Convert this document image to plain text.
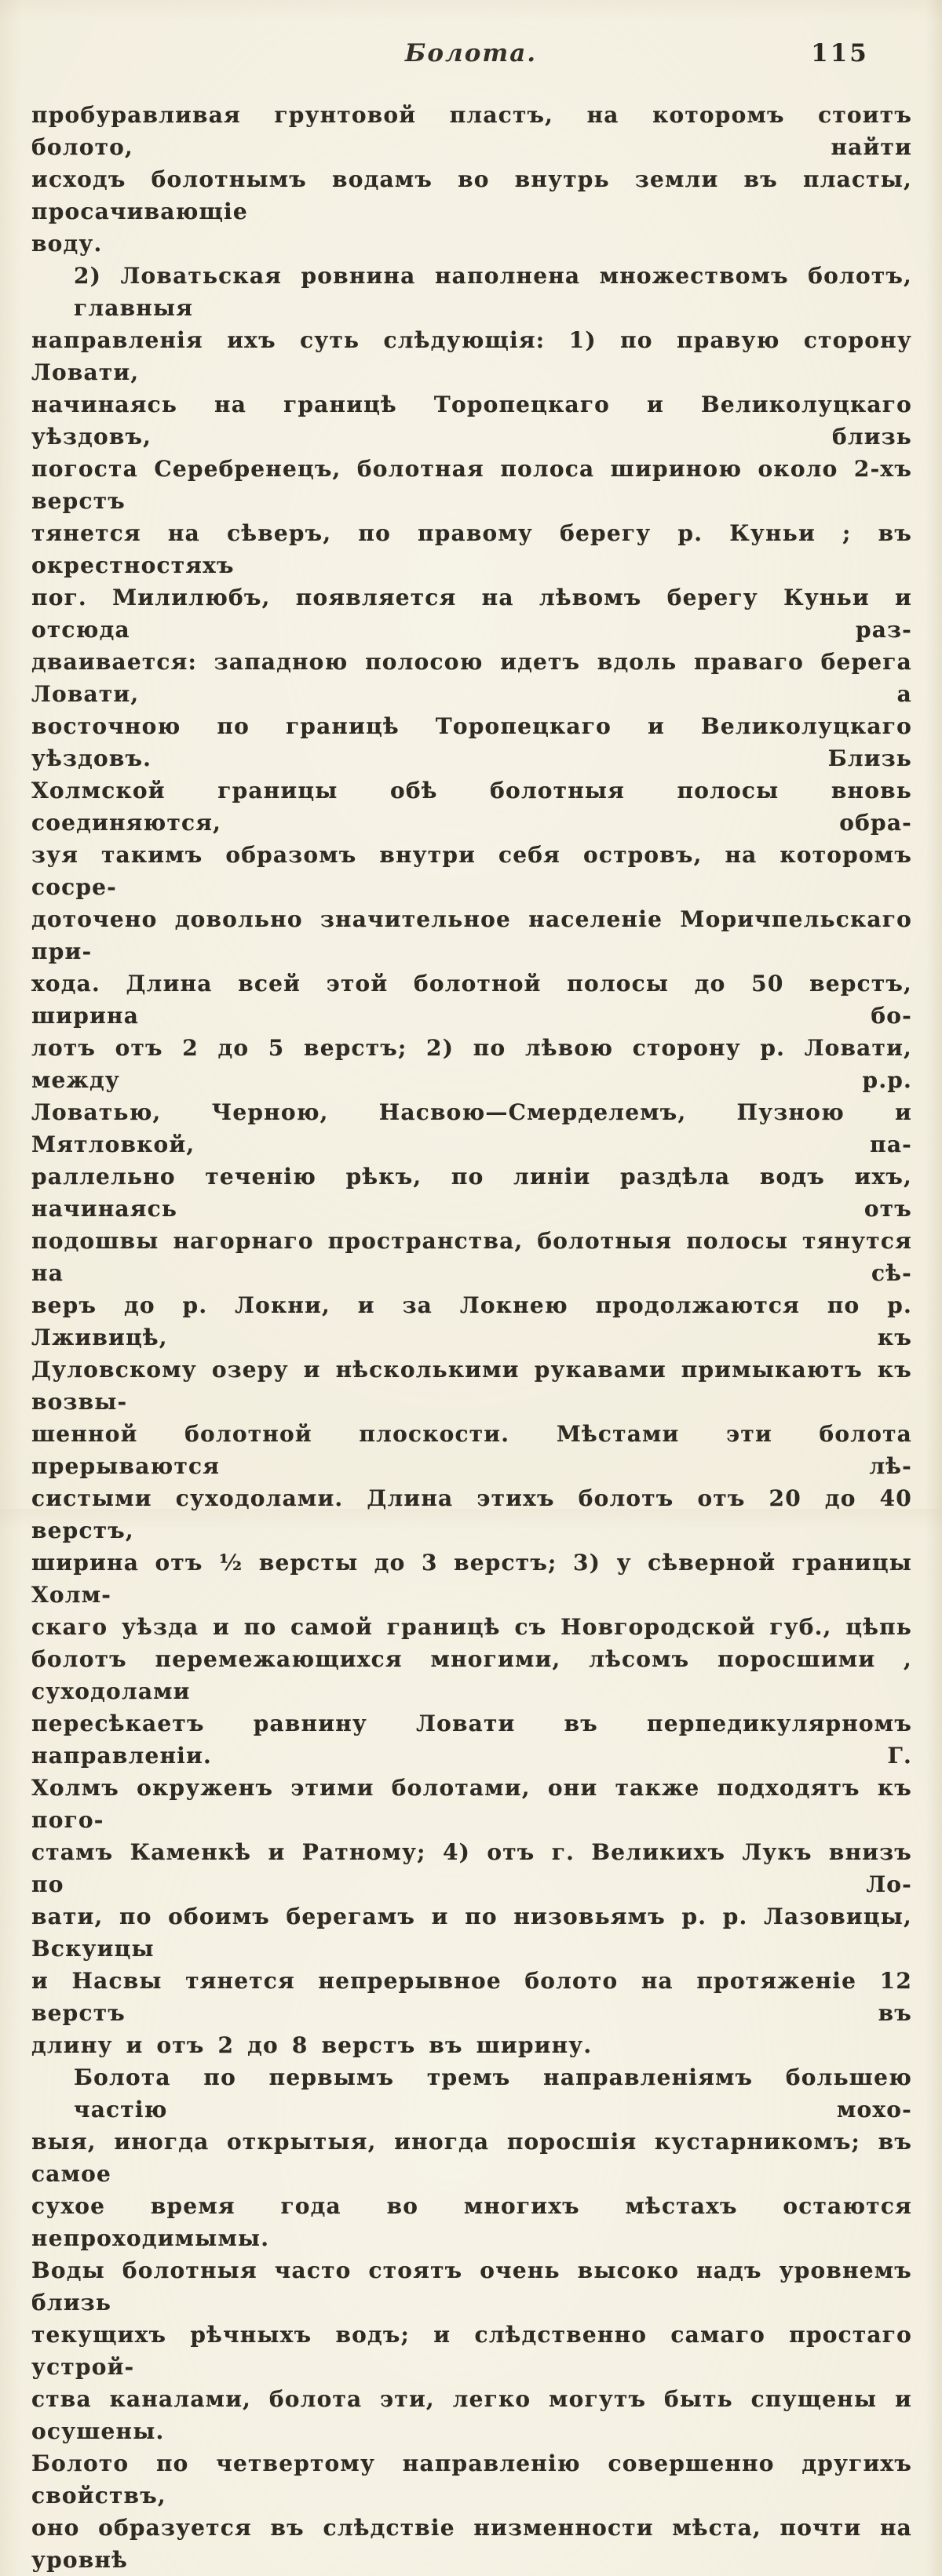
Болота.	115
пробуравливая грунтовой пластъ, на которомъ стоитъ болото, найти
исходъ болотнымъ водамъ во внутрь земли въ пласты, просачивающіе
воду.
2) Ловатьская ровнина наполнена множествомъ болотъ, главныя
направленія ихъ суть слѣдующія: 1) по правую сторону Ловати,
начинаясь на границѣ Торопецкаго и Великолуцкаго уѣздовъ, близь
погоста Серебренецъ, болотная полоса шириною около 2-хъ верстъ
тянется на сѣверъ, по правому берегу р. Куньи ; въ окрестностяхъ
пог. Милилюбъ, появляется на лѣвомъ берегу Куньи и отсюда раз-
дваивается: западною полосою идетъ вдоль праваго берега Ловати, а
восточною по границѣ Торопецкаго и Великолуцкаго уѣздовъ. Близь
Холмской границы обѣ болотныя полосы вновь соединяются, обра-
зуя такимъ образомъ внутри себя островъ, на которомъ сосре-
доточено довольно значительное населеніе Моричпельскаго при-
хода. Длина всей этой болотной полосы до 50 верстъ, ширина бо-
лотъ отъ 2 до 5 верстъ; 2) по лѣвою сторону р. Ловати, между р.р.
Ловатью, Черною, Насвою—Смерделемъ, Пузною и Мятловкой, па-
раллельно теченію рѣкъ, по линіи раздѣла водъ ихъ, начинаясь отъ
подошвы нагорнаго пространства, болотныя полосы тянутся на сѣ-
веръ до р. Локни, и за Локнею продолжаются по р. Лживицѣ, къ
Дуловскому озеру и нѣсколькими рукавами примыкаютъ къ возвы-
шенной болотной плоскости. Мѣстами эти болота прерываются лѣ-
систыми суходолами. Длина этихъ болотъ отъ 20 до 40 верстъ,
ширина отъ ½ версты до 3 верстъ; 3) у сѣверной границы Холм-
скаго уѣзда и по самой границѣ съ Новгородской губ., цѣпь
болотъ перемежающихся многими, лѣсомъ поросшими , суходолами
пересѣкаетъ равнину Ловати въ перпедикулярномъ направленіи. Г.
Холмъ окруженъ этими болотами, они также подходятъ къ пого-
стамъ Каменкѣ и Ратному; 4) отъ г. Великихъ Лукъ внизъ по Ло-
вати, по обоимъ берегамъ и по низовьямъ р. р. Лазовицы, Вскуицы
и Насвы тянется непрерывное болото на протяженіе 12 верстъ въ
длину и отъ 2 до 8 верстъ въ ширину.
Болота по первымъ тремъ направленіямъ большею частію мохо-
выя, иногда открытыя, иногда поросшія кустарникомъ; въ самое
сухое время года во многихъ мѣстахъ остаются непроходимымы.
Воды болотныя часто стоятъ очень высоко надъ уровнемъ близь
текущихъ рѣчныхъ водъ; и слѣдственно самаго простаго устрой-
ства каналами, болота эти, легко могутъ быть спущены и осушены.
Болото по четвертому направленію совершенно другихъ свойствъ,
оно образуется въ слѣдствіе низменности мѣста, почти на уровнѣ
